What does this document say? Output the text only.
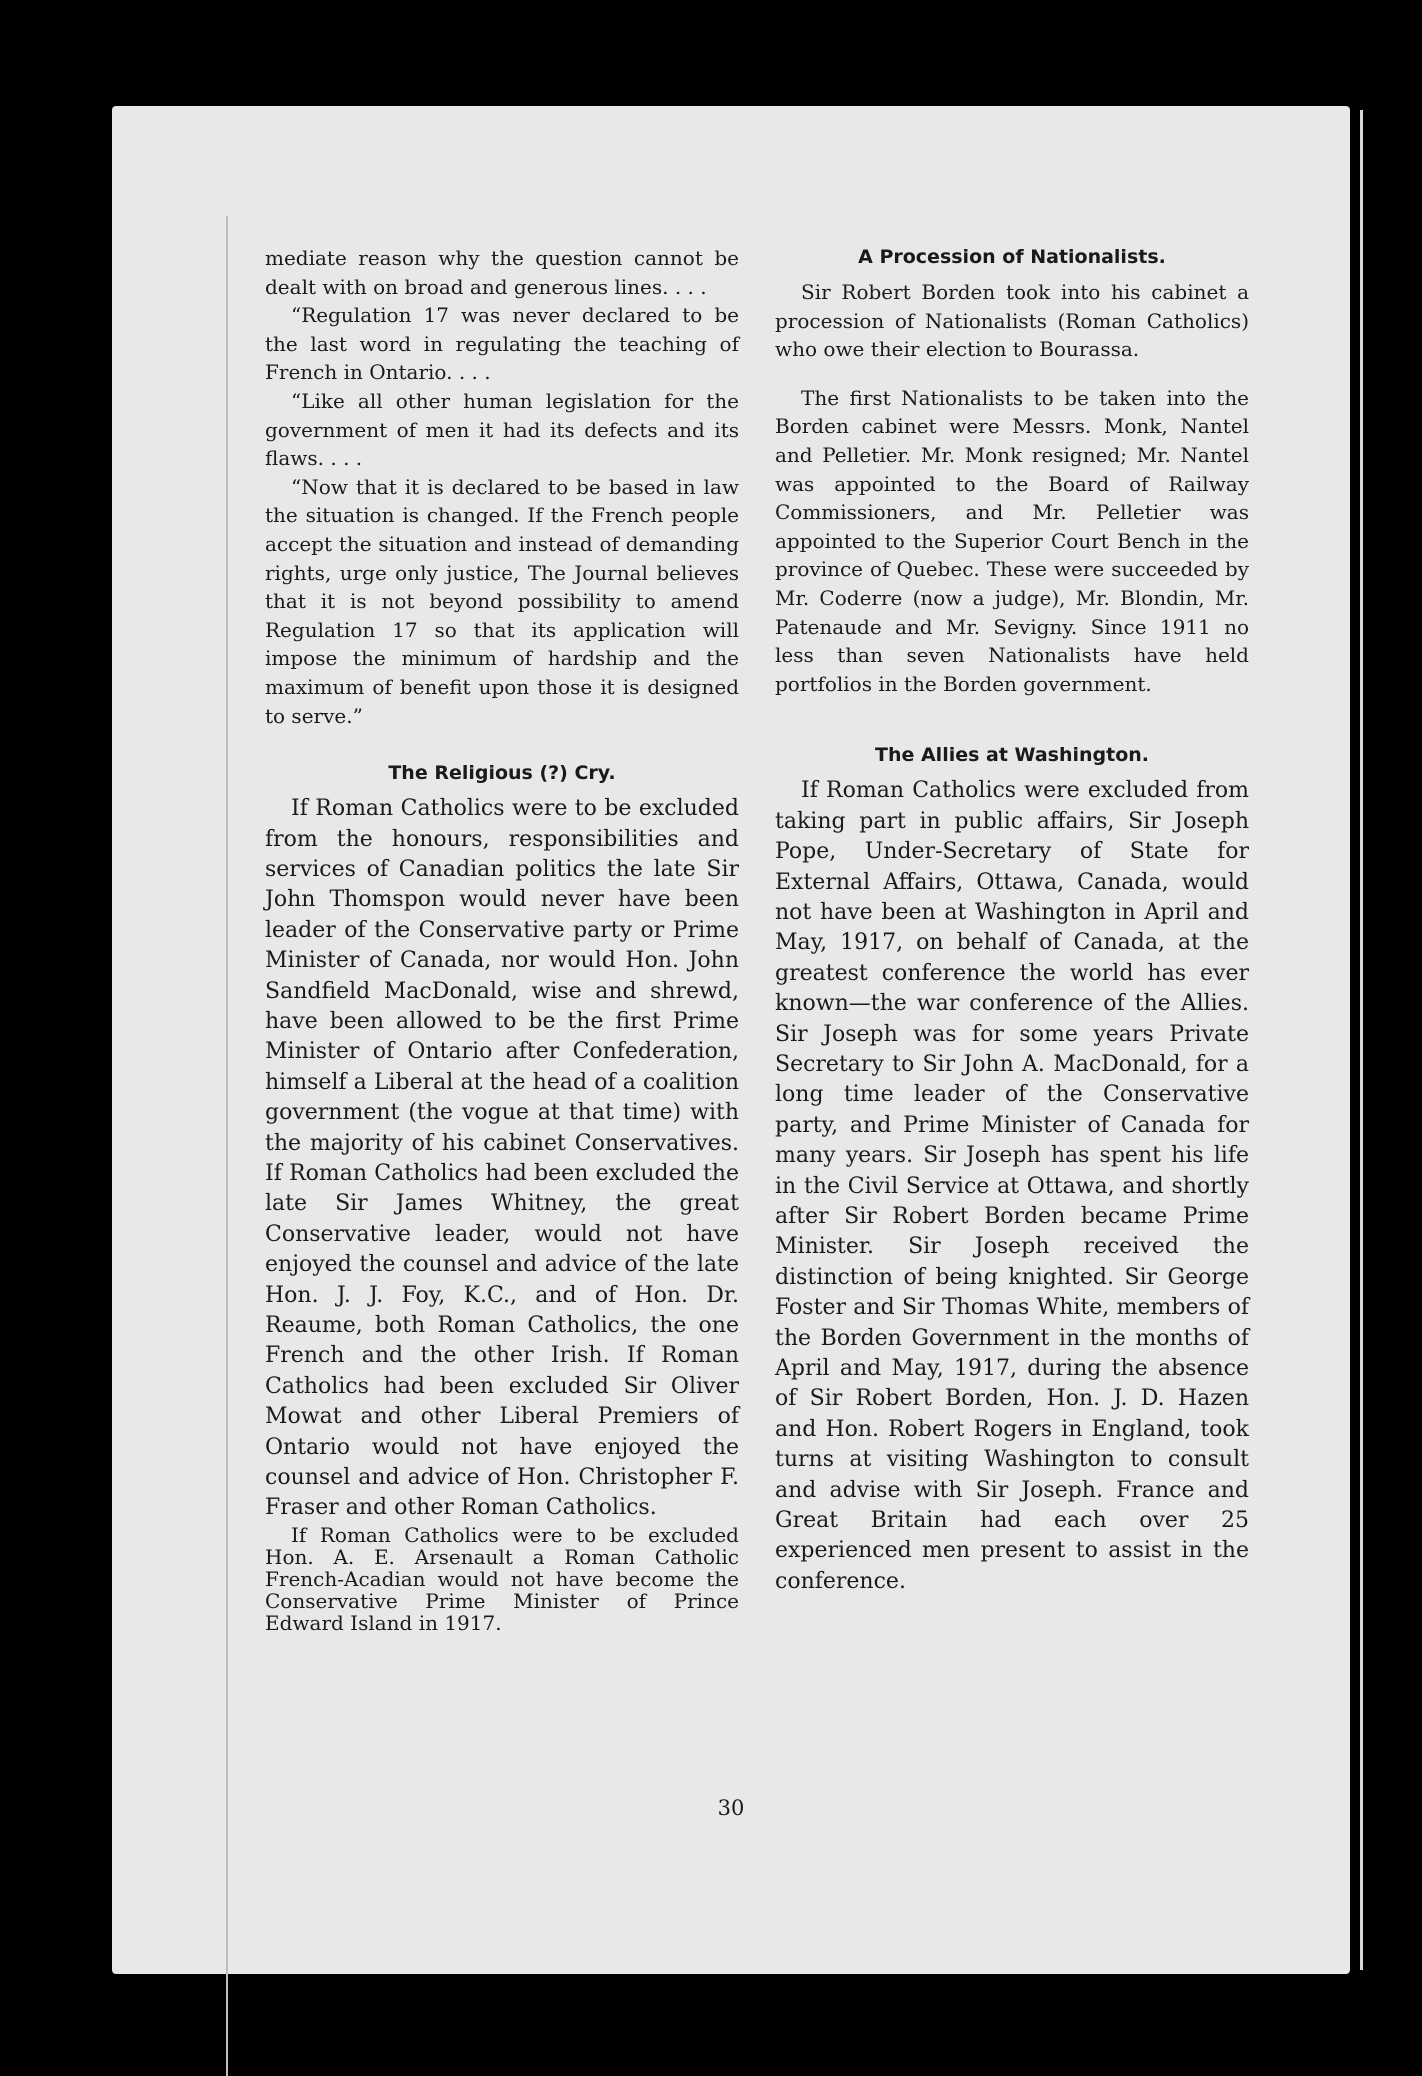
mediate reason why the question cannot be dealt with on broad and generous lines. . . .

“Regulation 17 was never declared to be the last word in regulating the teaching of French in Ontario. . . .

“Like all other human legislation for the government of men it had its defects and its flaws. . . .

“Now that it is declared to be based in law the situation is changed. If the French people accept the situation and instead of demanding rights, urge only justice, The Journal believes that it is not beyond possibility to amend Regulation 17 so that its application will impose the minimum of hardship and the maximum of benefit upon those it is designed to serve.”

The Religious (?) Cry.

If Roman Catholics were to be excluded from the honours, responsibilities and services of Canadian politics the late Sir John Thomspon would never have been leader of the Conservative party or Prime Minister of Canada, nor would Hon. John Sandfield MacDonald, wise and shrewd, have been allowed to be the first Prime Minister of Ontario after Confederation, himself a Liberal at the head of a coalition government (the vogue at that time) with the majority of his cabinet Conservatives. If Roman Catholics had been excluded the late Sir James Whitney, the great Conservative leader, would not have enjoyed the counsel and advice of the late Hon. J. J. Foy, K.C., and of Hon. Dr. Reaume, both Roman Catholics, the one French and the other Irish. If Roman Catholics had been excluded Sir Oliver Mowat and other Liberal Premiers of Ontario would not have enjoyed the counsel and advice of Hon. Christopher F. Fraser and other Roman Catholics.

If Roman Catholics were to be excluded Hon. A. E. Arsenault a Roman Catholic French-Acadian would not have become the Conservative Prime Minister of Prince Edward Island in 1917.

A Procession of Nationalists.

Sir Robert Borden took into his cabinet a procession of Nationalists (Roman Catholics) who owe their election to Bourassa.

The first Nationalists to be taken into the Borden cabinet were Messrs. Monk, Nantel and Pelletier. Mr. Monk resigned; Mr. Nantel was appointed to the Board of Railway Commissioners, and Mr. Pelletier was appointed to the Superior Court Bench in the province of Quebec. These were succeeded by Mr. Coderre (now a judge), Mr. Blondin, Mr. Patenaude and Mr. Sevigny. Since 1911 no less than seven Nationalists have held portfolios in the Borden government.

The Allies at Washington.

If Roman Catholics were excluded from taking part in public affairs, Sir Joseph Pope, Under-Secretary of State for External Affairs, Ottawa, Canada, would not have been at Washington in April and May, 1917, on behalf of Canada, at the greatest conference the world has ever known—the war conference of the Allies. Sir Joseph was for some years Private Secretary to Sir John A. MacDonald, for a long time leader of the Conservative party, and Prime Minister of Canada for many years. Sir Joseph has spent his life in the Civil Service at Ottawa, and shortly after Sir Robert Borden became Prime Minister. Sir Joseph received the distinction of being knighted. Sir George Foster and Sir Thomas White, members of the Borden Government in the months of April and May, 1917, during the absence of Sir Robert Borden, Hon. J. D. Hazen and Hon. Robert Rogers in England, took turns at visiting Washington to consult and advise with Sir Joseph. France and Great Britain had each over 25 experienced men present to assist in the conference.

30
